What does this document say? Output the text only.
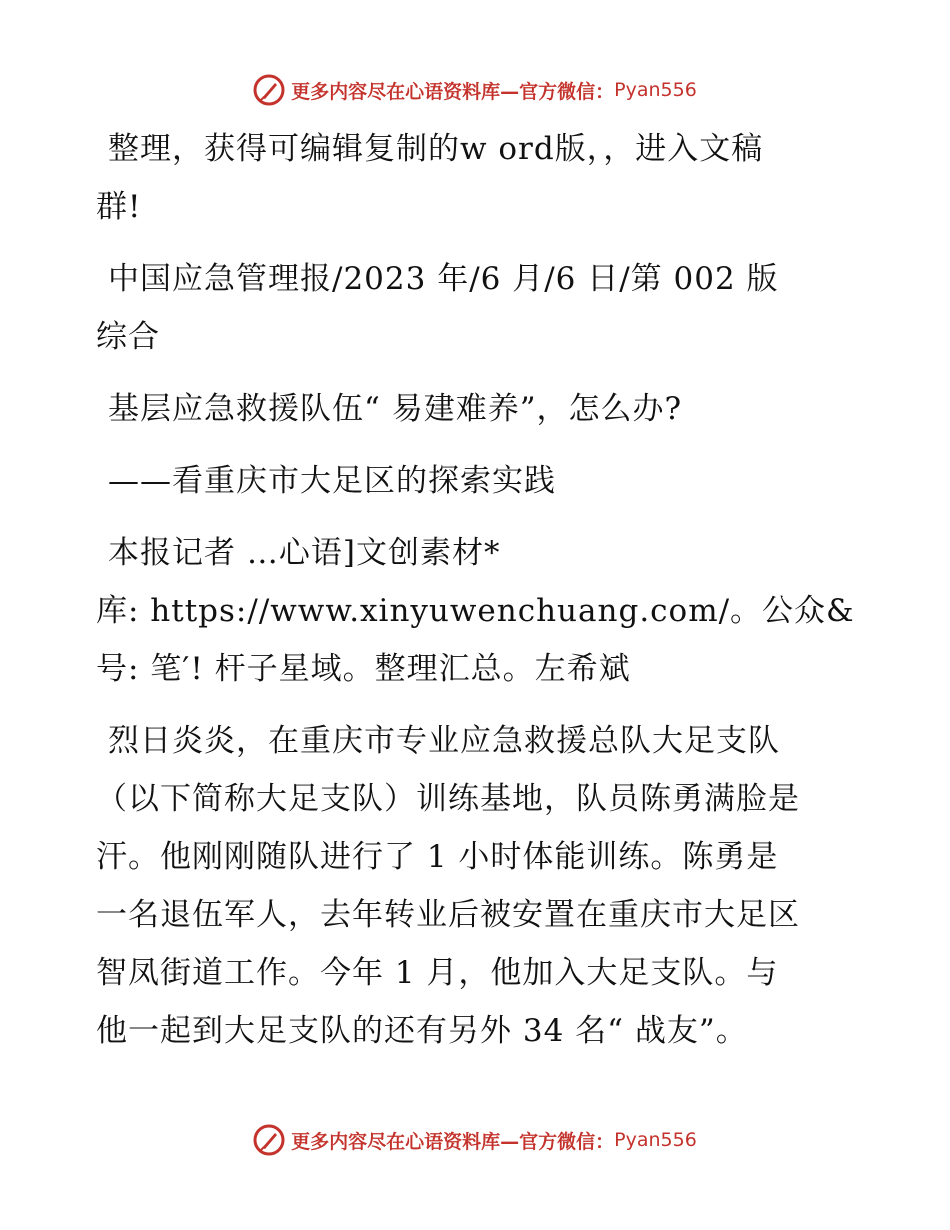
更多内容尽在心语资料库—官方微信： Pyan556
整理，获得可编辑复制的w ord版，，进入文稿
群!
中国应急管理报/2023 年/6 月/6 日/第 002 版
综合
基层应急救援队伍“ 易建难养”，怎么办?
——看重庆市大足区的探索实践
本报记者 …心语]文创素材*
库: https://www.xinyuwenchuang.com/。公众&
号: 笔′! 杆子星域。整理汇总。左希斌
烈日炎炎，在重庆市专业应急救援总队大足支队
（以下简称大足支队）训练基地，队员陈勇满脸是
汗。他刚刚随队进行了 1 小时体能训练。陈勇是
一名退伍军人，去年转业后被安置在重庆市大足区
智凤街道工作。今年 1 月，他加入大足支队。与
他一起到大足支队的还有另外 34 名“ 战友”。
更多内容尽在心语资料库—官方微信： Pyan556
